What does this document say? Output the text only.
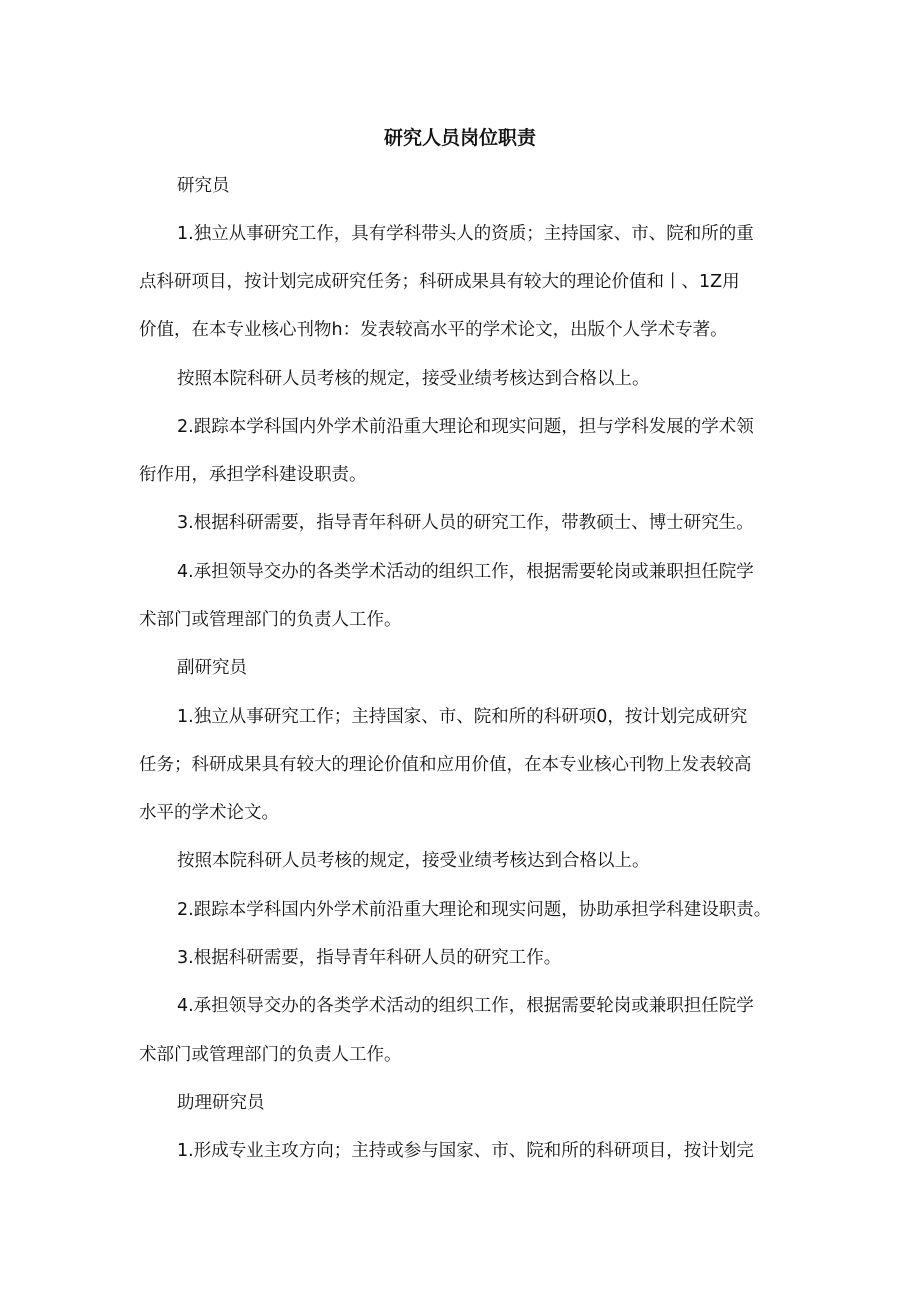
研究人员岗位职责
研究员
1.独立从事研究工作，具有学科带头人的资质；主持国家、市、院和所的重
点科研项目，按计划完成研究任务；科研成果具有较大的理论价值和丨、1Z用
价值，在本专业核心刊物h：发表较高水平的学术论文，出版个人学术专著。
按照本院科研人员考核的规定，接受业绩考核达到合格以上。
2.跟踪本学科国内外学术前沿重大理论和现实问题，担与学科发展的学术领
衔作用，承担学科建设职责。
3.根据科研需要，指导青年科研人员的研究工作，带教硕士、博士研究生。
4.承担领导交办的各类学术活动的组织工作，根据需要轮岗或兼职担任院学
术部门或管理部门的负责人工作。
副研究员
1.独立从事研究工作；主持国家、市、院和所的科研项0，按计划完成研究
任务；科研成果具有较大的理论价值和应用价值，在本专业核心刊物上发表较高
水平的学术论文。
按照本院科研人员考核的规定，接受业绩考核达到合格以上。
2.跟踪本学科国内外学术前沿重大理论和现实问题，协助承担学科建设职责。
3.根据科研需要，指导青年科研人员的研究工作。
4.承担领导交办的各类学术活动的组织工作，根据需要轮岗或兼职担任院学
术部门或管理部门的负责人工作。
助理研究员
1.形成专业主攻方向；主持或参与国家、市、院和所的科研项目，按计划完
